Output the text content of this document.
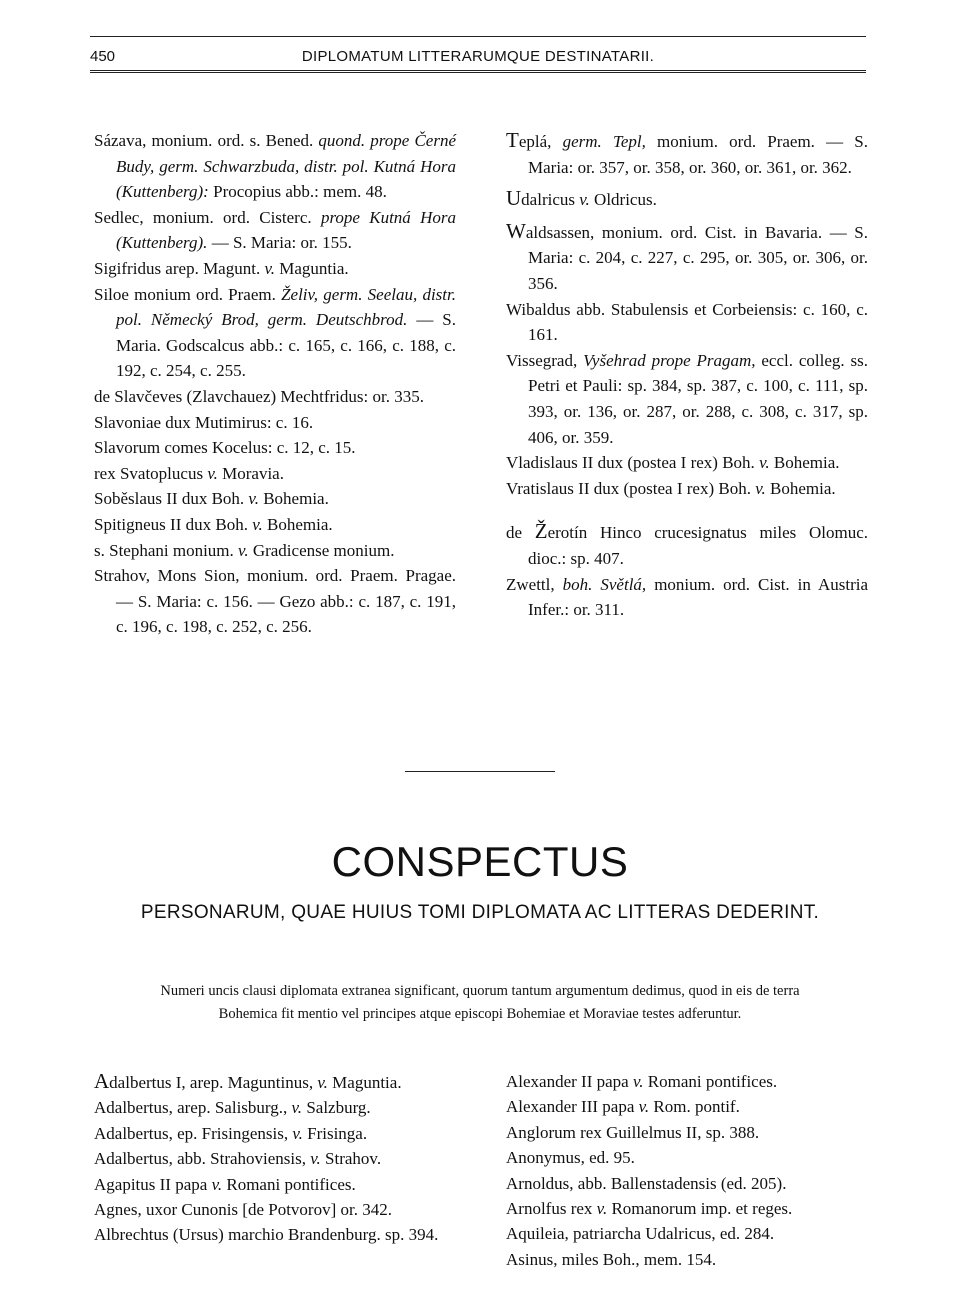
450	DIPLOMATUM LITTERARUMQUE DESTINATARII.

Sázava, monium. ord. s. Bened. quond. prope Černé Budy, germ. Schwarzbuda, distr. pol. Kutná Hora (Kuttenberg): Procopius abb.: mem. 48.

Sedlec, monium. ord. Cisterc. prope Kutná Hora (Kuttenberg). — S. Maria: or. 155.

Sigifridus arep. Magunt. v. Maguntia.

Siloe monium ord. Praem. Želiv, germ. Seelau, distr. pol. Německý Brod, germ. Deutschbrod. — S. Maria. Godscalcus abb.: c. 165, c. 166, c. 188, c. 192, c. 254, c. 255.

de Slavčeves (Zlavchauez) Mechtfridus: or. 335.

Slavoniae dux Mutimirus: c. 16.

Slavorum comes Kocelus: c. 12, c. 15.

rex Svatoplucus v. Moravia.

Soběslaus II dux Boh. v. Bohemia.

Spitigneus II dux Boh. v. Bohemia.

s. Stephani monium. v. Gradicense monium.

Strahov, Mons Sion, monium. ord. Praem. Pragae. — S. Maria: c. 156. — Gezo abb.: c. 187, c. 191, c. 196, c. 198, c. 252, c. 256.

Teplá, germ. Tepl, monium. ord. Praem. — S. Maria: or. 357, or. 358, or. 360, or. 361, or. 362.

Udalricus v. Oldricus.

Waldsassen, monium. ord. Cist. in Bavaria. — S. Maria: c. 204, c. 227, c. 295, or. 305, or. 306, or. 356.

Wibaldus abb. Stabulensis et Corbeiensis: c. 160, c. 161.

Vissegrad, Vyšehrad prope Pragam, eccl. colleg. ss. Petri et Pauli: sp. 384, sp. 387, c. 100, c. 111, sp. 393, or. 136, or. 287, or. 288, c. 308, c. 317, sp. 406, or. 359.

Vladislaus II dux (postea I rex) Boh. v. Bohemia.

Vratislaus II dux (postea I rex) Boh. v. Bohemia.

de Žerotín Hinco crucesignatus miles Olomuc. dioc.: sp. 407.

Zwettl, boh. Světlá, monium. ord. Cist. in Austria Infer.: or. 311.

CONSPECTUS
PERSONARUM, QUAE HUIUS TOMI DIPLOMATA AC LITTERAS DEDERINT.
Numeri uncis clausi diplomata extranea significant, quorum tantum argumentum dedimus, quod in eis de terra Bohemica fit mentio vel principes atque episcopi Bohemiae et Moraviae testes adferuntur.

Adalbertus I, arep. Maguntinus, v. Maguntia.

Adalbertus, arep. Salisburg., v. Salzburg.

Adalbertus, ep. Frisingensis, v. Frisinga.

Adalbertus, abb. Strahoviensis, v. Strahov.

Agapitus II papa v. Romani pontifices.

Agnes, uxor Cunonis [de Potvorov] or. 342.

Albrechtus (Ursus) marchio Brandenburg. sp. 394.

Alexander II papa v. Romani pontifices.

Alexander III papa v. Rom. pontif.

Anglorum rex Guillelmus II, sp. 388.

Anonymus, ed. 95.

Arnoldus, abb. Ballenstadensis (ed. 205).

Arnolfus rex v. Romanorum imp. et reges.

Aquileia, patriarcha Udalricus, ed. 284.

Asinus, miles Boh., mem. 154.
